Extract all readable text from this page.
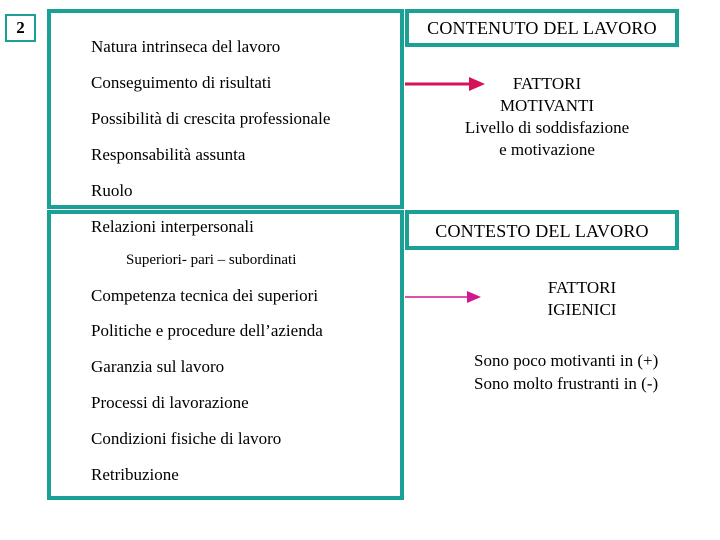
2	CONTENUTO DEL LAVORO
CONTESTO DEL LAVORO
Natura intrinseca del lavoro
Conseguimento di risultati
Possibilità di crescita professionale
Responsabilità assunta
Ruolo
Relazioni interpersonali
Superiori- pari – subordinati
Competenza tecnica dei superiori
Politiche e procedure dell’azienda
Garanzia sul lavoro
Processi di lavorazione
Condizioni fisiche di lavoro
Retribuzione
FATTORI
MOTIVANTI
Livello di soddisfazione
e motivazione
FATTORI
IGIENICI
Sono poco motivanti in (+)
Sono molto frustranti in (-)
